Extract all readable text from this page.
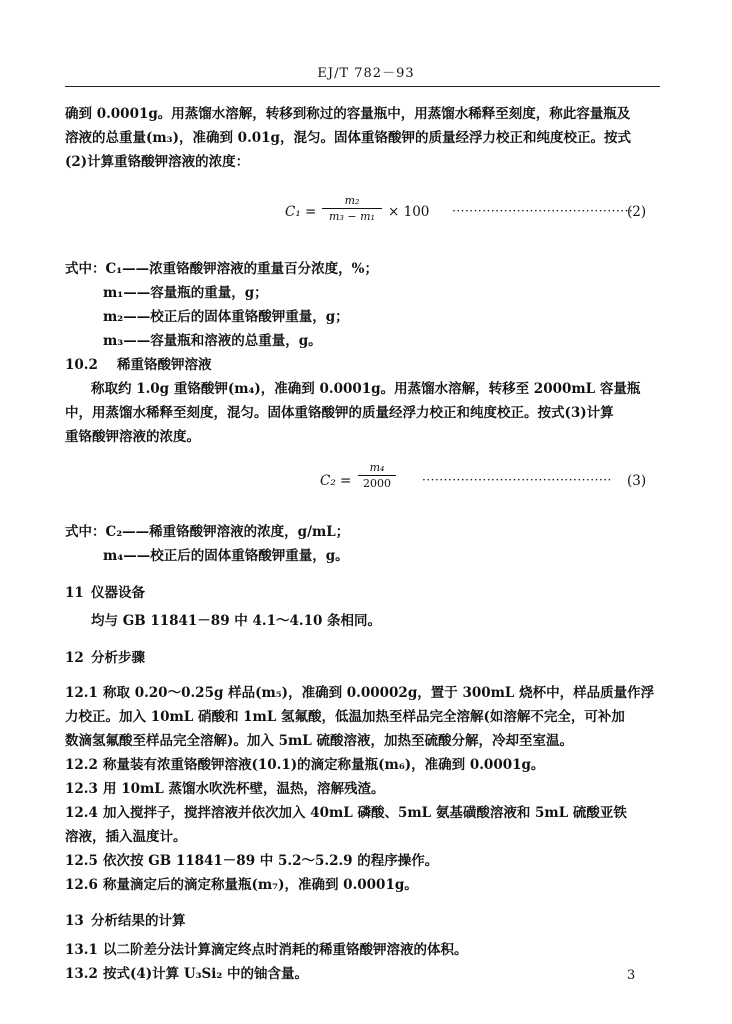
EJ/T 782－93
确到 0.0001g。用蒸馏水溶解，转移到称过的容量瓶中，用蒸馏水稀释至刻度，称此容量瓶及
溶液的总重量(m₃)，准确到 0.01g，混匀。固体重铬酸钾的质量经浮力校正和纯度校正。按式
(2)计算重铬酸钾溶液的浓度：
C₁ =
m₂
m₃ − m₁ × 100 ··········································
(2)
式中：C₁——浓重铬酸钾溶液的重量百分浓度，%；
m₁——容量瓶的重量，g；
m₂——校正后的固体重铬酸钾重量，g；
m₃——容量瓶和溶液的总重量，g。
10.2 稀重铬酸钾溶液
称取约 1.0g 重铬酸钾(m₄)，准确到 0.0001g。用蒸馏水溶解，转移至 2000mL 容量瓶
中，用蒸馏水稀释至刻度，混匀。固体重铬酸钾的质量经浮力校正和纯度校正。按式(3)计算
重铬酸钾溶液的浓度。
C₂ =
m₄
2000	············································ (3)
式中：C₂——稀重铬酸钾溶液的浓度，g/mL；
m₄——校正后的固体重铬酸钾重量，g。
11 仪器设备
均与 GB 11841－89 中 4.1～4.10 条相同。
12 分析步骤
12.1 称取 0.20～0.25g 样品(m₅)，准确到 0.00002g，置于 300mL 烧杯中，样品质量作浮
力校正。加入 10mL 硝酸和 1mL 氢氟酸，低温加热至样品完全溶解(如溶解不完全，可补加
数滴氢氟酸至样品完全溶解)。加入 5mL 硫酸溶液，加热至硫酸分解，冷却至室温。
12.2 称量装有浓重铬酸钾溶液(10.1)的滴定称量瓶(m₆)，准确到 0.0001g。
12.3 用 10mL 蒸馏水吹洗杯壁，温热，溶解残渣。
12.4 加入搅拌子，搅拌溶液并依次加入 40mL 磷酸、5mL 氨基磺酸溶液和 5mL 硫酸亚铁
溶液，插入温度计。
12.5 依次按 GB 11841－89 中 5.2～5.2.9 的程序操作。
12.6 称量滴定后的滴定称量瓶(m₇)，准确到 0.0001g。
13 分析结果的计算
13.1 以二阶差分法计算滴定终点时消耗的稀重铬酸钾溶液的体积。
13.2 按式(4)计算 U₃Si₂ 中的铀含量。	3
